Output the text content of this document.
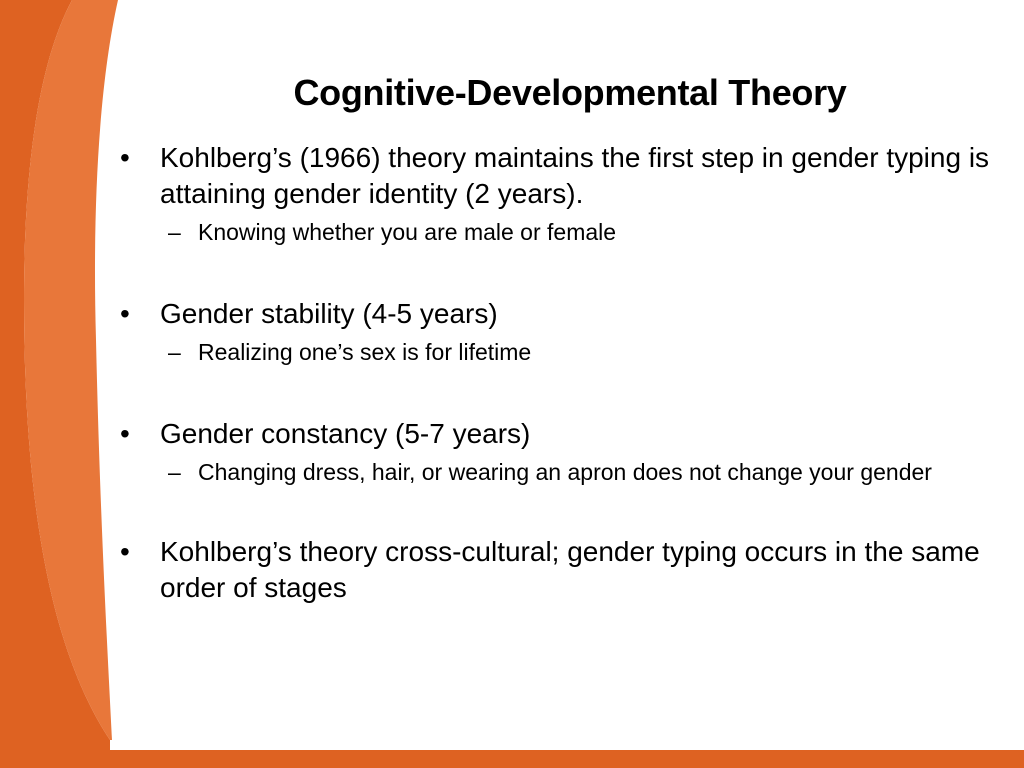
Cognitive-Developmental Theory

•	Kohlberg’s (1966) theory maintains the first step in gender typing is attaining gender identity (2 years).

– Knowing whether you are male or female

•	Gender stability (4-5 years)

– Realizing one’s sex is for lifetime

•	Gender constancy (5-7 years)

– Changing dress, hair, or wearing an apron does not change your gender

•	Kohlberg’s theory cross-cultural; gender typing occurs in the same order of stages
